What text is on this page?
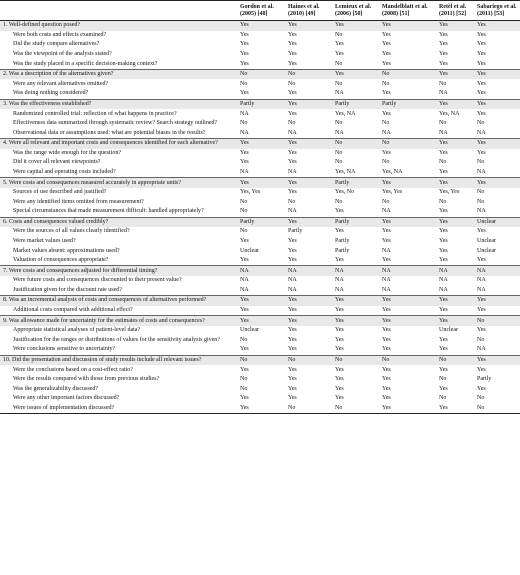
	Gordon et al. (2005) [48]	Haines et al. (2010) [49]	Lemieux et al. (2006) [50]	Mandelblatt et al. (2008) [51]	Retèl et al. (2011) [52]	Sabariego et al. (2011) [53]
1. Well-defined question posed?	Yes	Yes	Yes	Yes	Yes	Yes
Were both costs and effects examined?	Yes	Yes	No	Yes	Yes	Yes
Did the study compare alternatives?	Yes	Yes	Yes	Yes	Yes	Yes
Was the viewpoint of the analysis stated?	Yes	Yes	Yes	Yes	Yes	Yes
Was the study placed in a specific decision-making context?	Yes	Yes	No	Yes	Yes	Yes
2. Was a description of the alternatives given?	No	No	Yes	No	Yes	Yes
Were any relevant alternatives omitted?	No	No	No	No	No	Yes
Was doing nothing considered?	Yes	Yes	NA	Yes	NA	Yes
3. Was the effectiveness established?	Partly	Yes	Partly	Partly	Yes	Yes
Randomized controlled trial: reflection of what happens in practice?	NA	Yes	Yes, NA	Yes	Yes, NA	Yes
Effectiveness data summarized through systematic review? Search strategy outlined?	No	No	No	No	No	No
Observational data or assumptions used: what are potential biases in the results?	NA	NA	NA	NA	NA	NA
4. Were all relevant and important costs and consequences identified for each alternative?	Yes	Yes	No	No	Yes	Yes
Was the range wide enough for the question?	Yes	Yes	No	Yes	Yes	Yes
Did it cover all relevant viewpoints?	Yes	Yes	No	No	No	No
Were capital and operating costs included?	NA	NA	Yes, NA	Yes, NA	Yes	NA
5. Were costs and consequences measured accurately in appropriate units?	Yes	Yes	Partly	Yes	Yes	Yes
Sources of use described and justified?	Yes, Yes	Yes	Yes, No	Yes, Yes	Yes, Yes	No
Were any identified items omitted from measurement?	No	No	No	No	No	No
Special circumstances that made measurement difficult: handled appropriately?	No	NA	Yes	NA	Yes	NA
6. Costs and consequences valued credibly?	Partly	Yes	Partly	Yes	Yes	Unclear
Were the sources of all values clearly identified?	No	Partly	Yes	Yes	Yes	Yes
Were market values used?	Yes	Yes	Partly	Yes	Yes	Unclear
Market values absent: approximations used?	Unclear	Yes	Partly	NA	Yes	Unclear
Valuation of consequences appropriate?	Yes	Yes	Yes	Yes	Yes	Yes
7. Were costs and consequences adjusted for differential timing?	NA	NA	NA	NA	NA	NA
Were future costs and consequences discounted to their present value?	NA	NA	NA	NA	NA	NA
Justification given for the discount rate used?	NA	NA	NA	NA	NA	NA
8. Was an incremental analysis of costs and consequences of alternatives performed?	Yes	Yes	Yes	Yes	Yes	Yes
Additional costs compared with additional effect?	Yes	Yes	Yes	Yes	Yes	Yes
9. Was allowance made for uncertainty for the estimates of costs and consequences?	Yes	Yes	Yes	Yes	Yes	No
Appropriate statistical analyses of patient-level data?	Unclear	Yes	Yes	Yes	Unclear	Yes
Justification for the ranges or distributions of values for the sensitivity analysis given?	No	Yes	Yes	Yes	Yes	No
Were conclusions sensitive to uncertainty?	Yes	Yes	Yes	Yes	Yes	NA
10. Did the presentation and discussion of study results include all relevant issues?	No	No	No	No	No	Yes
Were the conclusions based on a cost-effect ratio?	Yes	Yes	Yes	Yes	Yes	Yes
Were the results compared with those from previous studies?	No	Yes	Yes	Yes	No	Partly
Was the generalizability discussed?	No	Yes	Yes	Yes	Yes	Yes
Were any other important factors discussed?	Yes	Yes	Yes	Yes	No	No
Were issues of implementation discussed?	Yes	No	No	Yes	Yes	No
